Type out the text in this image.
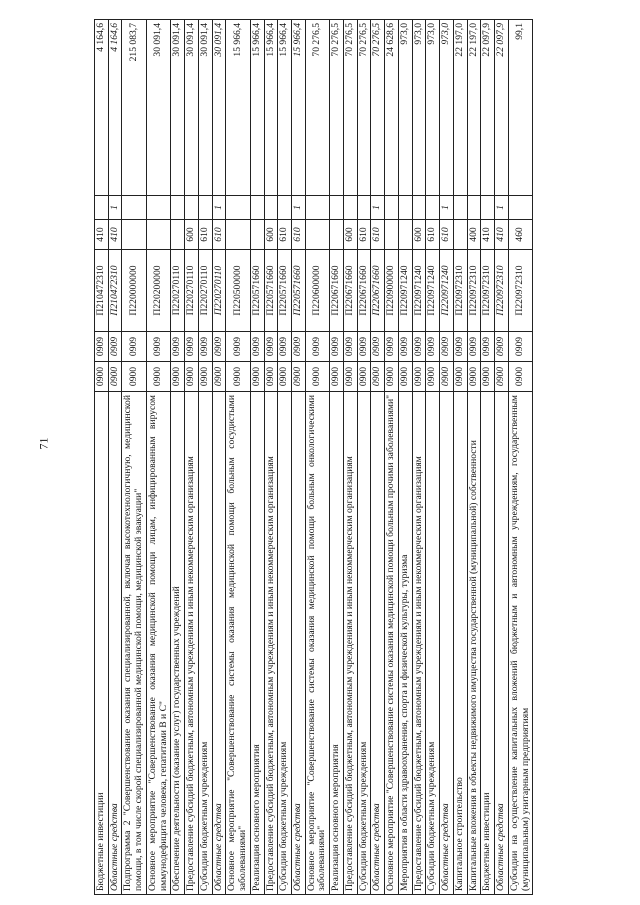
71
Бюджетные инвестиции	0900	0909	П210472310	410		4 164,6
Областные средства	0900	0909	П210472310	410	1	4 164,6
Подпрограмма 2 "Совершенствование оказания специализированной, включая высокотехнологичную, медицинской помощи, в том числе скорой специализированной медицинской помощи, медицинской эвакуации"	0900	0909	П220000000			215 083,7
Основное мероприятие "Совершенствование оказания медицинской помощи лицам, инфицированным вирусом иммунодефицита человека, гепатитами B и C"	0900	0909	П220200000			30 091,4
Обеспечение деятельности (оказание услуг) государственных учреждений	0900	0909	П220270110			30 091,4
Предоставление субсидий бюджетным, автономным учреждениям и иным некоммерческим организациям	0900	0909	П220270110	600		30 091,4
Субсидии бюджетным учреждениям	0900	0909	П220270110	610		30 091,4
Областные средства	0900	0909	П220270110	610	1	30 091,4
Основное мероприятие "Совершенствование системы оказания медицинской помощи больным сосудистыми заболеваниями"	0900	0909	П220500000			15 966,4
Реализация основного мероприятия	0900	0909	П220571660			15 966,4
Предоставление субсидий бюджетным, автономным учреждениям и иным некоммерческим организациям	0900	0909	П220571660	600		15 966,4
Субсидии бюджетным учреждениям	0900	0909	П220571660	610		15 966,4
Областные средства	0900	0909	П220571660	610	1	15 966,4
Основное мероприятие "Совершенствование системы оказания медицинской помощи больным онкологическими заболеваниями"	0900	0909	П220600000			70 276,5
Реализация основного мероприятия	0900	0909	П220671660			70 276,5
Предоставление субсидий бюджетным, автономным учреждениям и иным некоммерческим организациям	0900	0909	П220671660	600		70 276,5
Субсидии бюджетным учреждениям	0900	0909	П220671660	610		70 276,5
Областные средства	0900	0909	П220671660	610	1	70 276,5
Основное мероприятие "Совершенствование системы оказания медицинской помощи больным прочими заболеваниями"	0900	0909	П220900000			24 628,6
Мероприятия в области здравоохранения, спорта и физической культуры, туризма	0900	0909	П220971240			973,0
Предоставление субсидий бюджетным, автономным учреждениям и иным некоммерческим организациям	0900	0909	П220971240	600		973,0
Субсидии бюджетным учреждениям	0900	0909	П220971240	610		973,0
Областные средства	0900	0909	П220971240	610	1	973,0
Капитальное строительство	0900	0909	П220972310			22 197,0
Капитальные вложения в объекты недвижимого имущества государственной (муниципальной) собственности	0900	0909	П220972310	400		22 197,0
Бюджетные инвестиции	0900	0909	П220972310	410		22 097,9
Областные средства	0900	0909	П220972310	410	1	22 097,9
Субсидии на осуществление капитальных вложений бюджетным и автономным учреждениям, государственным (муниципальным) унитарным предприятиям	0900	0909	П220972310	460		99,1
